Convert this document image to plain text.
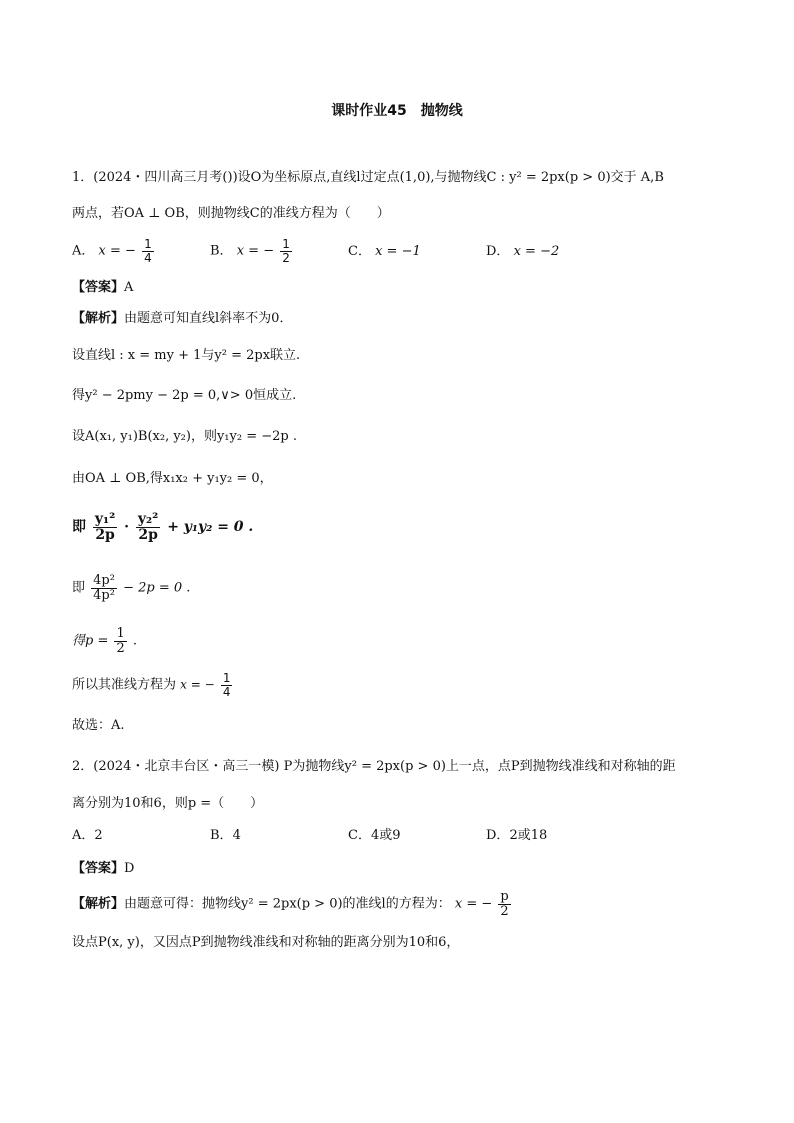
课时作业45　抛物线
1．(2024・四川高三月考())设O为坐标原点,直线l过定点(1,0),与抛物线C : y² = 2px(p > 0)交于 A,B
两点，若OA ⊥ OB，则抛物线C的准线方程为（　　）
A． x = − $\frac{1}{4}$	B． x = − $\frac{1}{2}$	C． x = −1	D． x = −2
【答案】A
【解析】由题意可知直线l斜率不为0．
设直线l : x = my + 1与y² = 2px联立.
得y² − 2pmy − 2p = 0,∨> 0恒成立.
设A(x₁, y₁)B(x₂, y₂)，则y₁y₂ = −2p .
由OA ⊥ OB,得x₁x₂ + y₁y₂ = 0，
即 $\frac{\text{y₁²}}{2p} \cdot \frac{\text{y₂²}}{2p} + y_1y_2 = 0$ .
即 $\frac{\text{4p²}}{\text{4p²}} - 2p = 0$ .
得$p = \frac{1}{2}$ .
所以其准线方程为 x = − $\frac{1}{4}$
故选：A.
2．(2024・北京丰台区・高三一模) P为抛物线y² = 2px(p > 0)上一点，点P到抛物线准线和对称轴的距
离分别为10和6，则p =（　　）
A．2	B．4	C．4或9	D．2或18
【答案】D
【解析】由题意可得：抛物线y² = 2px(p > 0)的准线l的方程为： x = − $\frac{p}{2}$
设点P(x, y)，又因点P到抛物线准线和对称轴的距离分别为10和6，
